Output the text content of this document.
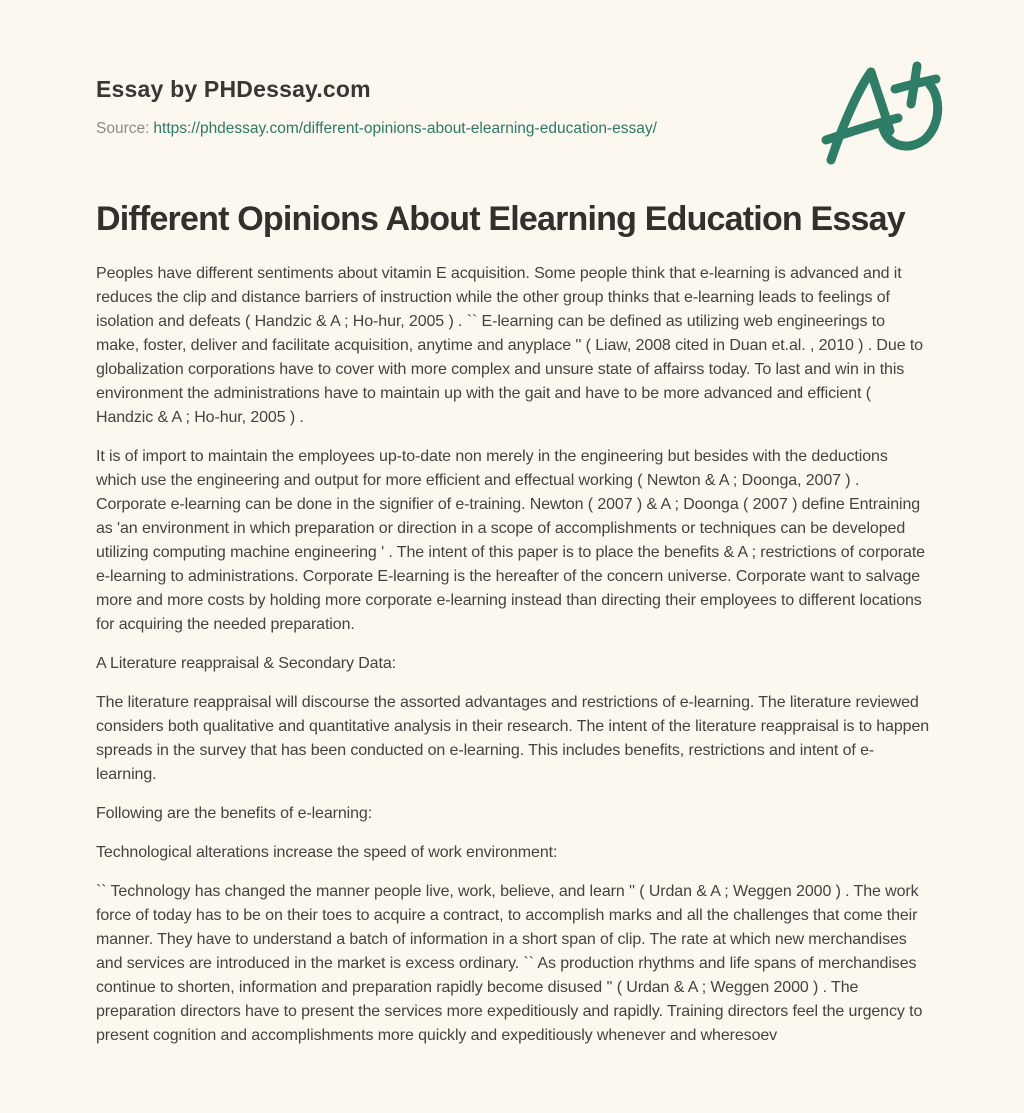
Essay by PHDessay.com
Source: https://phdessay.com/different-opinions-about-elearning-education-essay/
Different Opinions About Elearning Education Essay

Peoples have different sentiments about vitamin E acquisition. Some people think that e-learning is advanced and it reduces the clip and distance barriers of instruction while the other group thinks that e-learning leads to feelings of isolation and defeats ( Handzic & A ; Ho-hur, 2005 ) . `` E-learning can be defined as utilizing web engineerings to make, foster, deliver and facilitate acquisition, anytime and anyplace '' ( Liaw, 2008 cited in Duan et.al. , 2010 ) . Due to globalization corporations have to cover with more complex and unsure state of affairss today. To last and win in this environment the administrations have to maintain up with the gait and have to be more advanced and efficient ( Handzic & A ; Ho-hur, 2005 ) .

It is of import to maintain the employees up-to-date non merely in the engineering but besides with the deductions which use the engineering and output for more efficient and effectual working ( Newton & A ; Doonga, 2007 ) . Corporate e-learning can be done in the signifier of e-training. Newton ( 2007 ) & A ; Doonga ( 2007 ) define Entraining as 'an environment in which preparation or direction in a scope of accomplishments or techniques can be developed utilizing computing machine engineering ' . The intent of this paper is to place the benefits & A ; restrictions of corporate e-learning to administrations. Corporate E-learning is the hereafter of the concern universe. Corporate want to salvage more and more costs by holding more corporate e-learning instead than directing their employees to different locations for acquiring the needed preparation.

A Literature reappraisal & Secondary Data:

The literature reappraisal will discourse the assorted advantages and restrictions of e-learning. The literature reviewed considers both qualitative and quantitative analysis in their research. The intent of the literature reappraisal is to happen spreads in the survey that has been conducted on e-learning. This includes benefits, restrictions and intent of e-learning.

Following are the benefits of e-learning:

Technological alterations increase the speed of work environment:

`` Technology has changed the manner people live, work, believe, and learn '' ( Urdan & A ; Weggen 2000 ) . The work force of today has to be on their toes to acquire a contract, to accomplish marks and all the challenges that come their manner. They have to understand a batch of information in a short span of clip. The rate at which new merchandises and services are introduced in the market is excess ordinary. `` As production rhythms and life spans of merchandises continue to shorten, information and preparation rapidly become disused '' ( Urdan & A ; Weggen 2000 ) . The preparation directors have to present the services more expeditiously and rapidly. Training directors feel the urgency to present cognition and accomplishments more quickly and expeditiously whenever and wheresoev
